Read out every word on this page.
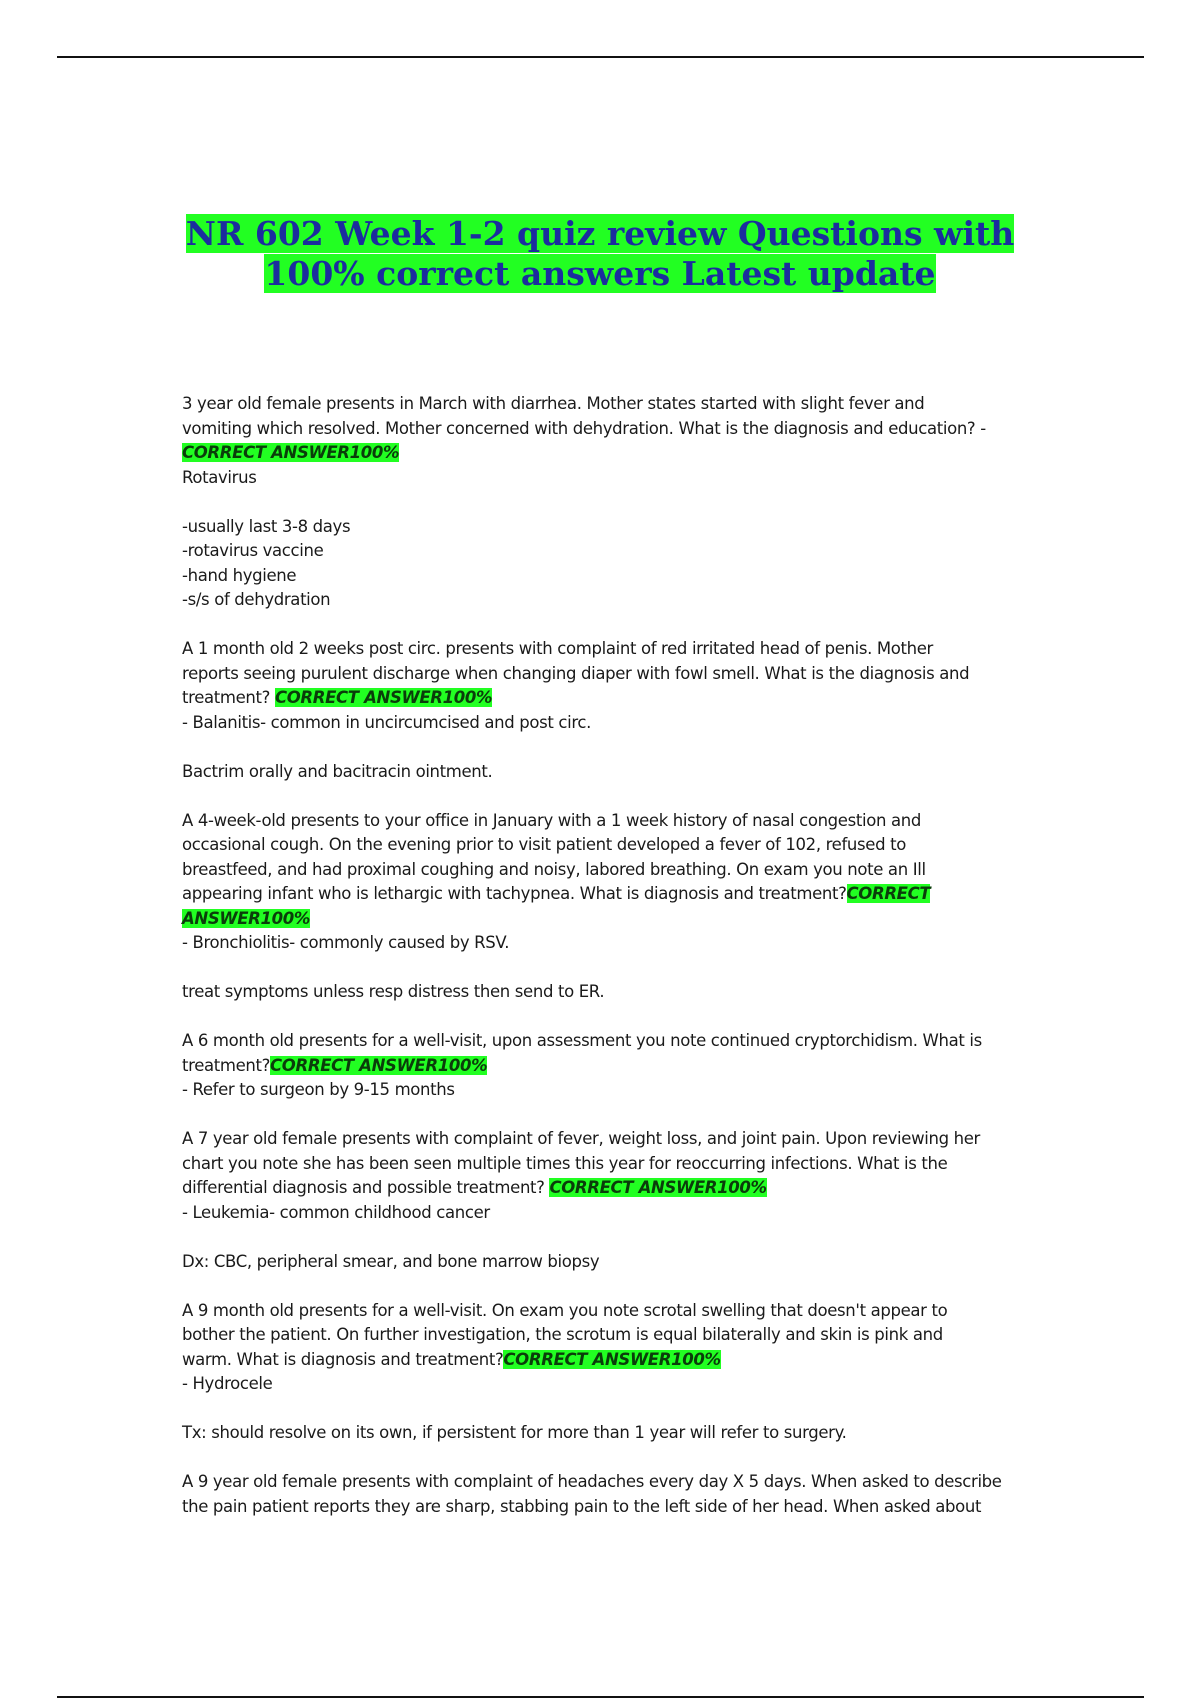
NR 602 Week 1-2 quiz review Questions with
100% correct answers Latest update
3 year old female presents in March with diarrhea. Mother states started with slight fever and
vomiting which resolved. Mother concerned with dehydration. What is the diagnosis and education? -
CORRECT ANSWER100%
Rotavirus
-usually last 3-8 days
-rotavirus vaccine
-hand hygiene
-s/s of dehydration
A 1 month old 2 weeks post circ. presents with complaint of red irritated head of penis. Mother
reports seeing purulent discharge when changing diaper with fowl smell. What is the diagnosis and
treatment? CORRECT ANSWER100%
- Balanitis- common in uncircumcised and post circ.
Bactrim orally and bacitracin ointment.
A 4-week-old presents to your office in January with a 1 week history of nasal congestion and
occasional cough. On the evening prior to visit patient developed a fever of 102, refused to
breastfeed, and had proximal coughing and noisy, labored breathing. On exam you note an Ill
appearing infant who is lethargic with tachypnea. What is diagnosis and treatment?CORRECT
ANSWER100%
- Bronchiolitis- commonly caused by RSV.
treat symptoms unless resp distress then send to ER.
A 6 month old presents for a well-visit, upon assessment you note continued cryptorchidism. What is
treatment?CORRECT ANSWER100%
- Refer to surgeon by 9-15 months
A 7 year old female presents with complaint of fever, weight loss, and joint pain. Upon reviewing her
chart you note she has been seen multiple times this year for reoccurring infections. What is the
differential diagnosis and possible treatment? CORRECT ANSWER100%
- Leukemia- common childhood cancer
Dx: CBC, peripheral smear, and bone marrow biopsy
A 9 month old presents for a well-visit. On exam you note scrotal swelling that doesn't appear to
bother the patient. On further investigation, the scrotum is equal bilaterally and skin is pink and
warm. What is diagnosis and treatment?CORRECT ANSWER100%
- Hydrocele
Tx: should resolve on its own, if persistent for more than 1 year will refer to surgery.
A 9 year old female presents with complaint of headaches every day X 5 days. When asked to describe
the pain patient reports they are sharp, stabbing pain to the left side of her head. When asked about
